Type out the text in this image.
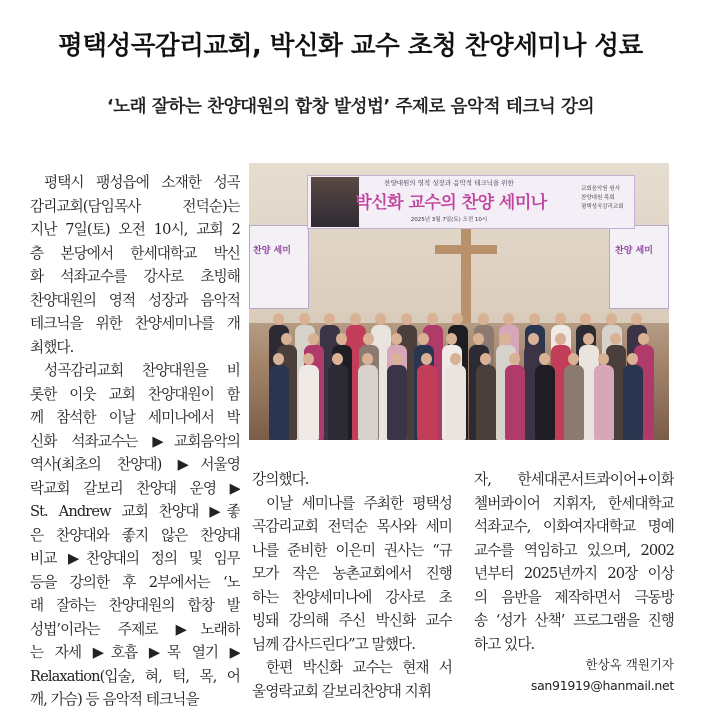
평택성곡감리교회, 박신화 교수 초청 찬양세미나 성료
‘노래 잘하는 찬양대원의 합창 발성법’ 주제로 음악적 테크닉 강의
평택시 팽성읍에 소재한 성곡
감리교회(담임목사 전덕순)는
지난 7일(토) 오전 10시, 교회 2
층 본당에서 한세대학교 박신
화 석좌교수를 강사로 초빙해
찬양대원의 영적 성장과 음악적
테크닉을 위한 찬양세미나를 개
최했다.
성곡감리교회 찬양대원을 비
롯한 이웃 교회 찬양대원이 함
께 참석한 이날 세미나에서 박
신화 석좌교수는 ▶교회음악의
역사(최초의 찬양대) ▶서울영
락교회 갈보리 찬양대 운영 ▶
St. Andrew 교회 찬양대 ▶좋
은 찬양대와 좋지 않은 찬양대
비교 ▶찬양대의 정의 및 임무
등을 강의한 후 2부에서는 ‘노
래 잘하는 찬양대원의 합창 발
성법’이라는 주제로 ▶노래하
는 자세 ▶호흡 ▶목 열기 ▶
Relaxation(입술, 혀, 턱, 목, 어
깨, 가슴) 등 음악적 테크닉을
찬양 세미	찬양 세미
찬양대원의 영적 성장과 음악적 테크닉을 위한
박신화 교수의 찬양 세미나
2025년 3월 7일(토) 오전 10시
교회음악원 원서
찬양대원 목회
평택성곡감리교회
강의했다.
이날 세미나를 주최한 평택성
곡감리교회 전덕순 목사와 세미
나를 준비한 이은미 권사는 “규
모가 작은 농촌교회에서 진행
하는 찬양세미나에 강사로 초
빙돼 강의해 주신 박신화 교수
님께 감사드린다”고 말했다.
한편 박신화 교수는 현재 서
울영락교회 갈보리찬양대 지휘
자, 한세대콘서트콰이어+이화
첼버콰이어 지휘자, 한세대학교
석좌교수, 이화여자대학교 명예
교수를 역임하고 있으며, 2002
년부터 2025년까지 20장 이상
의 음반을 제작하면서 극동방
송 ‘성가 산책’ 프로그램을 진행
하고 있다.
한상옥 객원기자
san91919@hanmail.net
